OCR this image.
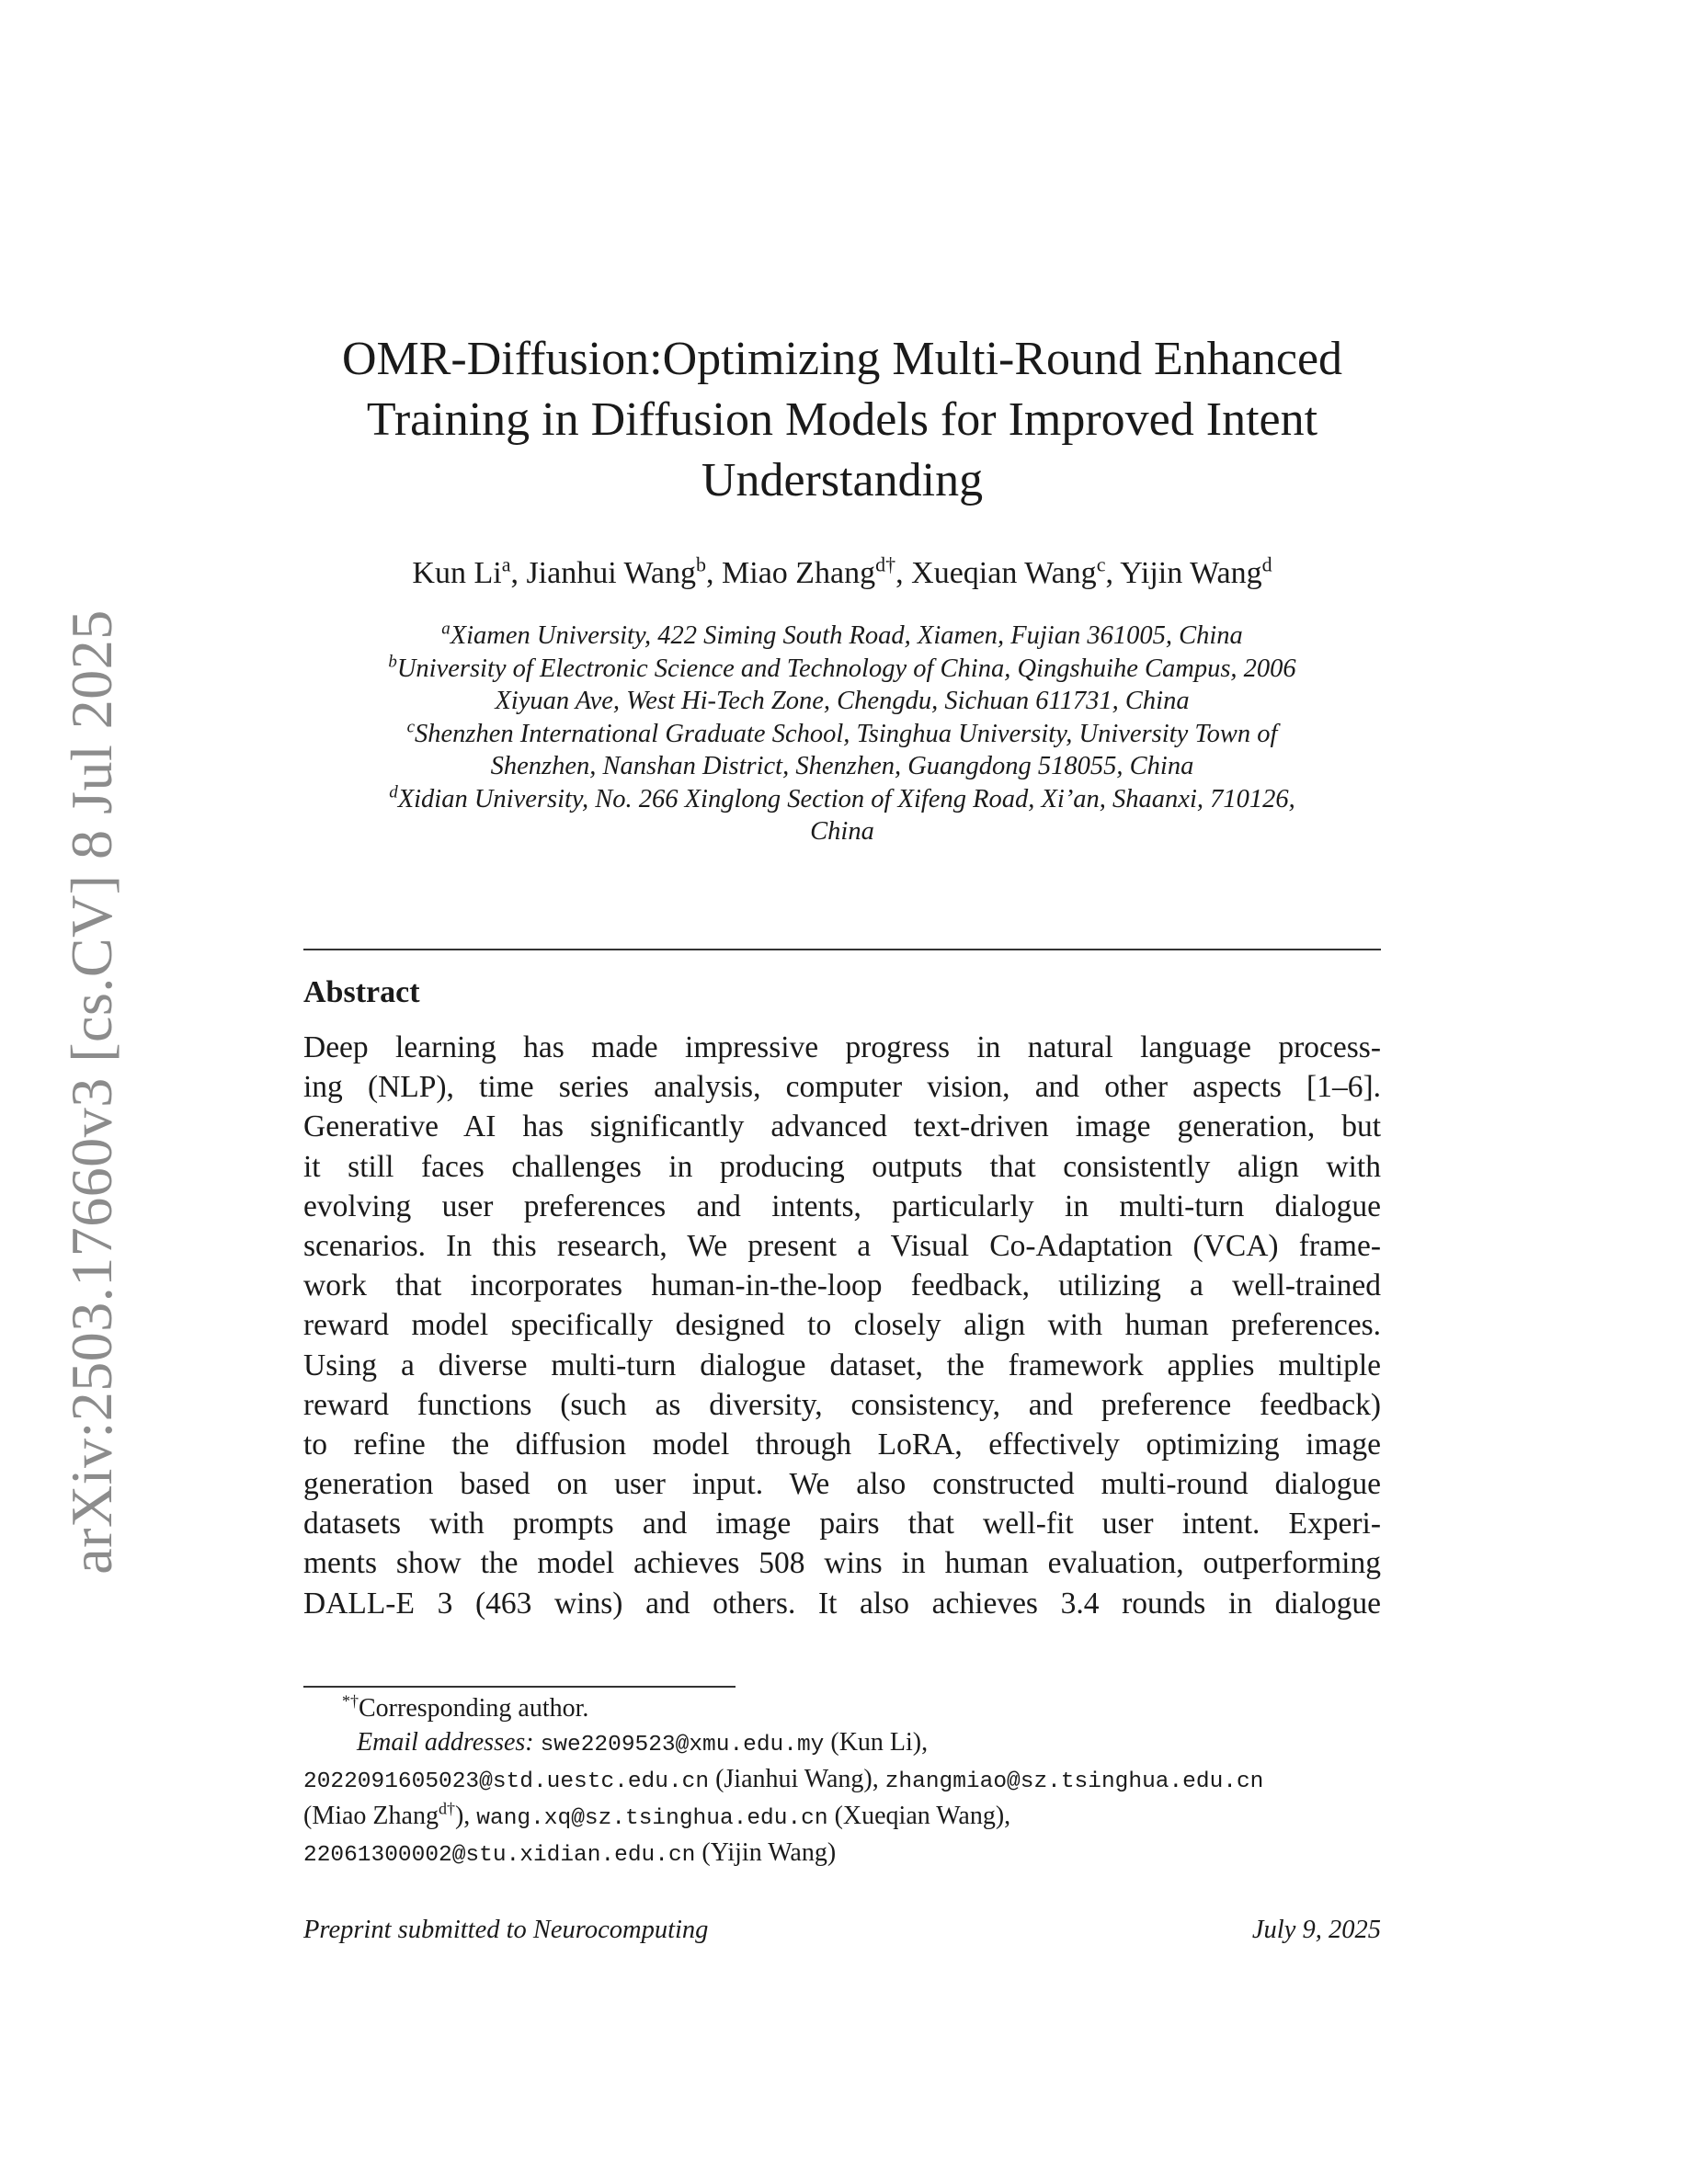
arXiv:2503.17660v3 [cs.CV] 8 Jul 2025
OMR-Diffusion:Optimizing Multi-Round Enhanced
Training in Diffusion Models for Improved Intent
Understanding
Kun Li$^a$, Jianhui Wang$^b$, Miao Zhang$^{d\dagger}$, Xueqian Wang$^c$, Yijin Wang$^d$
$^a$Xiamen University, 422 Siming South Road, Xiamen, Fujian 361005, China
$^b$University of Electronic Science and Technology of China, Qingshuihe Campus, 2006
Xiyuan Ave, West Hi-Tech Zone, Chengdu, Sichuan 611731, China
$^c$Shenzhen International Graduate School, Tsinghua University, University Town of
Shenzhen, Nanshan District, Shenzhen, Guangdong 518055, China
$^d$Xidian University, No. 266 Xinglong Section of Xifeng Road, Xi’an, Shaanxi, 710126,
China
Abstract
Deep learning has made impressive progress in natural language process-
ing (NLP), time series analysis, computer vision, and other aspects [1–6].
Generative AI has significantly advanced text-driven image generation, but
it still faces challenges in producing outputs that consistently align with
evolving user preferences and intents, particularly in multi-turn dialogue
scenarios. In this research, We present a Visual Co-Adaptation (VCA) frame-
work that incorporates human-in-the-loop feedback, utilizing a well-trained
reward model specifically designed to closely align with human preferences.
Using a diverse multi-turn dialogue dataset, the framework applies multiple
reward functions (such as diversity, consistency, and preference feedback)
to refine the diffusion model through LoRA, effectively optimizing image
generation based on user input. We also constructed multi-round dialogue
datasets with prompts and image pairs that well-fit user intent. Experi-
ments show the model achieves 508 wins in human evaluation, outperforming
DALL-E 3 (463 wins) and others. It also achieves 3.4 rounds in dialogue
*†Corresponding author.
Email addresses: swe2209523@xmu.edu.my (Kun Li),
2022091605023@std.uestc.edu.cn (Jianhui Wang), zhangmiao@sz.tsinghua.edu.cn
(Miao Zhang$^{d\dagger}$), wang.xq@sz.tsinghua.edu.cn (Xueqian Wang),
22061300002@stu.xidian.edu.cn (Yijin Wang)
Preprint submitted to Neurocomputing	July 9, 2025
